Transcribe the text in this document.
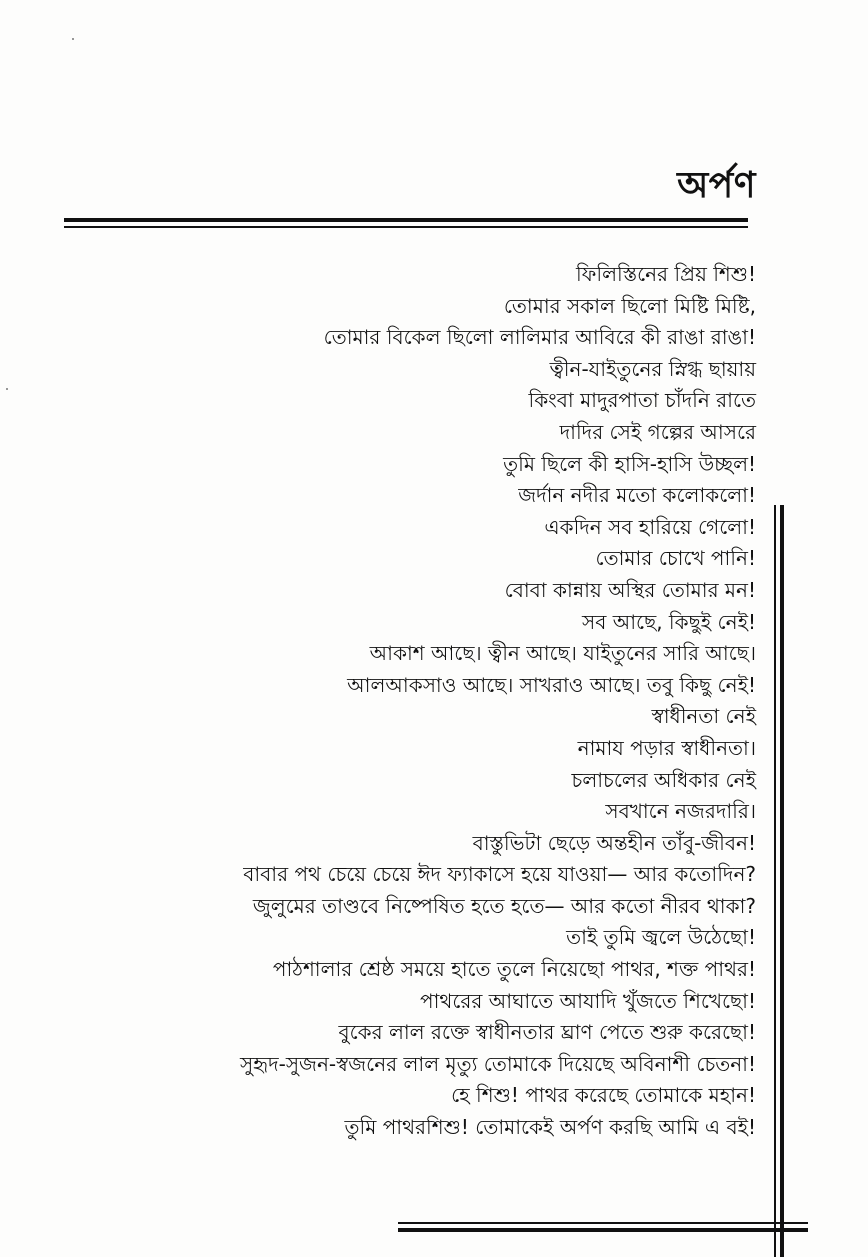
অর্পণ
ফিলিস্তিনের প্রিয় শিশু!
তোমার সকাল ছিলো মিষ্টি মিষ্টি,
তোমার বিকেল ছিলো লালিমার আবিরে কী রাঙা রাঙা!
ত্বীন-যাইতুনের স্নিগ্ধ ছায়ায়
কিংবা মাদুরপাতা চাঁদনি রাতে
দাদির সেই গল্পের আসরে
তুমি ছিলে কী হাসি-হাসি উচ্ছল!
জর্দান নদীর মতো কলোকলো!
একদিন সব হারিয়ে গেলো!
তোমার চোখে পানি!
বোবা কান্নায় অস্থির তোমার মন!
সব আছে, কিছুই নেই!
আকাশ আছে। ত্বীন আছে। যাইতুনের সারি আছে।
আলআকসাও আছে। সাখরাও আছে। তবু কিছু নেই!
স্বাধীনতা নেই
নামায পড়ার স্বাধীনতা।
চলাচলের অধিকার নেই
সবখানে নজরদারি।
বাস্তুভিটা ছেড়ে অন্তহীন তাঁবু-জীবন!
বাবার পথ চেয়ে চেয়ে ঈদ ফ্যাকাসে হয়ে যাওয়া— আর কতোদিন?
জুলুমের তাণ্ডবে নিষ্পেষিত হতে হতে— আর কতো নীরব থাকা?
তাই তুমি জ্বলে উঠেছো!
পাঠশালার শ্রেষ্ঠ সময়ে হাতে তুলে নিয়েছো পাথর, শক্ত পাথর!
পাথরের আঘাতে আযাদি খুঁজতে শিখেছো!
বুকের লাল রক্তে স্বাধীনতার ঘ্রাণ পেতে শুরু করেছো!
সুহৃদ-সুজন-স্বজনের লাল মৃত্যু তোমাকে দিয়েছে অবিনাশী চেতনা!
হে শিশু! পাথর করেছে তোমাকে মহান!
তুমি পাথরশিশু! তোমাকেই অর্পণ করছি আমি এ বই!
